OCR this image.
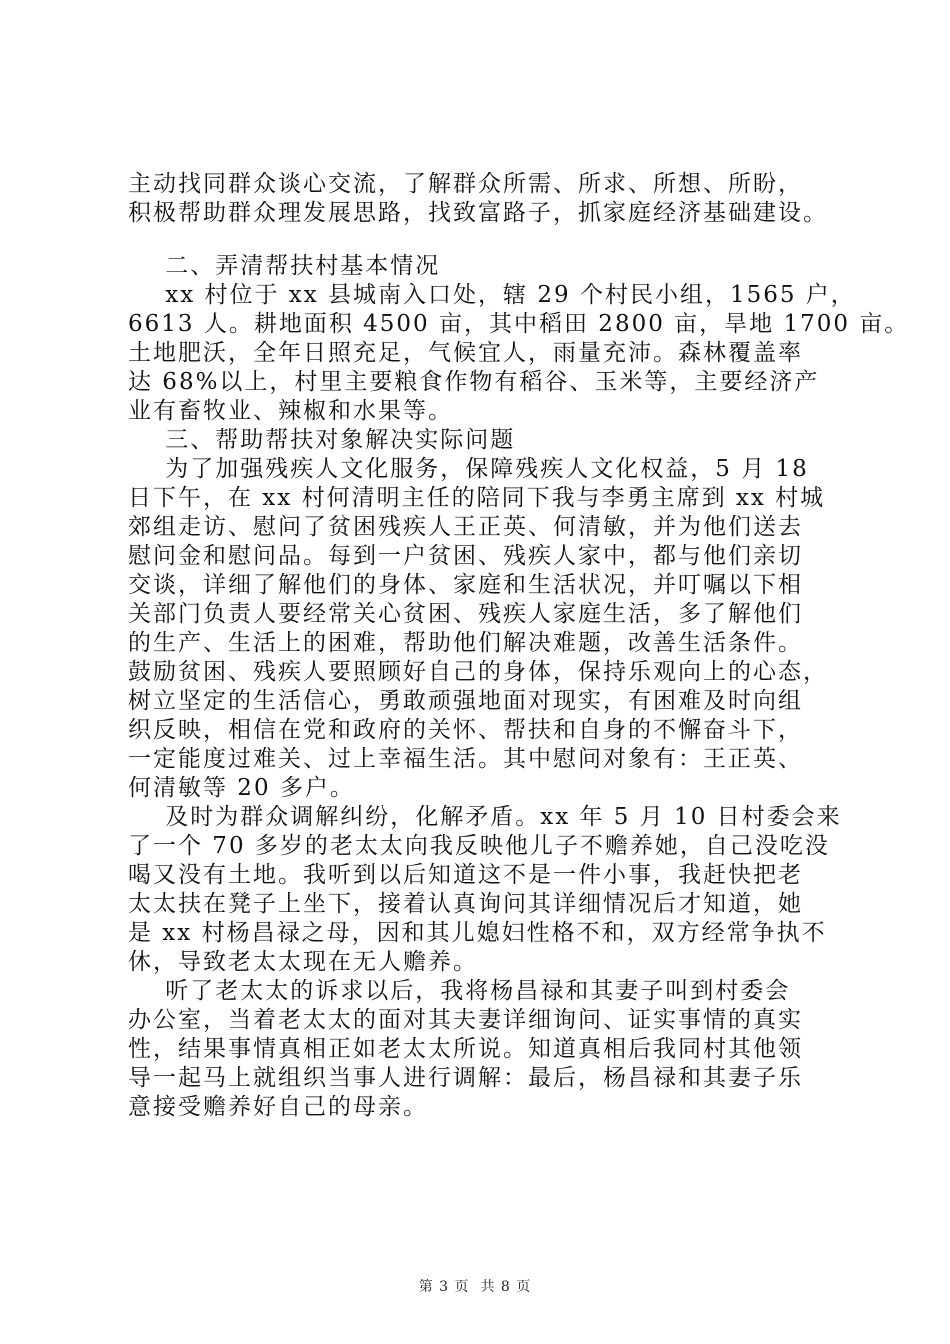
主动找同群众谈心交流，了解群众所需、所求、所想、所盼，
积极帮助群众理发展思路，找致富路子，抓家庭经济基础建设。
二、弄清帮扶村基本情况
xx 村位于 xx 县城南入口处，辖 29 个村民小组，1565 户，
6613 人。耕地面积 4500 亩，其中稻田 2800 亩，旱地 1700 亩。
土地肥沃，全年日照充足，气候宜人，雨量充沛。森林覆盖率
达 68%以上，村里主要粮食作物有稻谷、玉米等，主要经济产
业有畜牧业、辣椒和水果等。
三、帮助帮扶对象解决实际问题
为了加强残疾人文化服务，保障残疾人文化权益，5 月 18
日下午，在 xx 村何清明主任的陪同下我与李勇主席到 xx 村城
郊组走访、慰问了贫困残疾人王正英、何清敏，并为他们送去
慰问金和慰问品。每到一户贫困、残疾人家中，都与他们亲切
交谈，详细了解他们的身体、家庭和生活状况，并叮嘱以下相
关部门负责人要经常关心贫困、残疾人家庭生活，多了解他们
的生产、生活上的困难，帮助他们解决难题，改善生活条件。
鼓励贫困、残疾人要照顾好自己的身体，保持乐观向上的心态，
树立坚定的生活信心，勇敢顽强地面对现实，有困难及时向组
织反映，相信在党和政府的关怀、帮扶和自身的不懈奋斗下，
一定能度过难关、过上幸福生活。其中慰问对象有：王正英、
何清敏等 20 多户。
及时为群众调解纠纷，化解矛盾。xx 年 5 月 10 日村委会来
了一个 70 多岁的老太太向我反映他儿子不赡养她，自己没吃没
喝又没有土地。我听到以后知道这不是一件小事，我赶快把老
太太扶在凳子上坐下，接着认真询问其详细情况后才知道，她
是 xx 村杨昌禄之母，因和其儿媳妇性格不和，双方经常争执不
休，导致老太太现在无人赡养。
听了老太太的诉求以后，我将杨昌禄和其妻子叫到村委会
办公室，当着老太太的面对其夫妻详细询问、证实事情的真实
性，结果事情真相正如老太太所说。知道真相后我同村其他领
导一起马上就组织当事人进行调解：最后，杨昌禄和其妻子乐
意接受赡养好自己的母亲。
第 3 页  共 8 页
